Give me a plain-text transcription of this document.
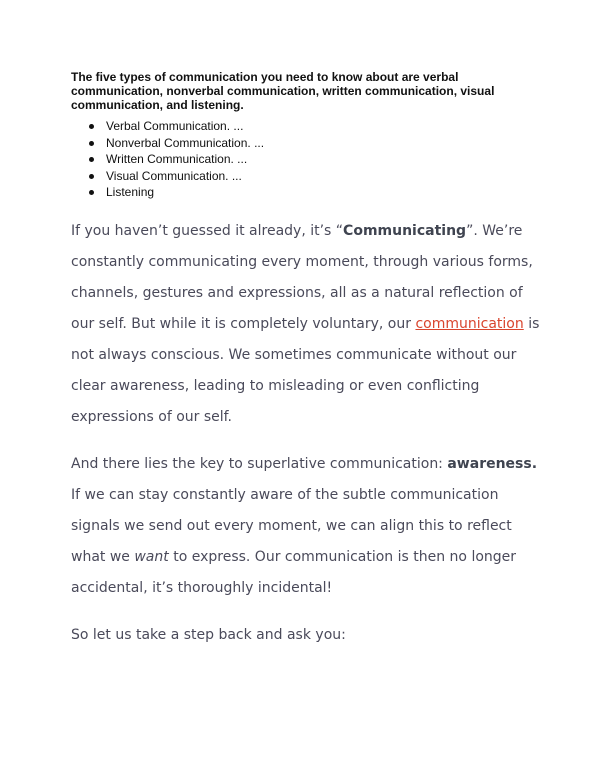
The five types of communication you need to know about are verbal communication, nonverbal communication, written communication, visual communication, and listening.

Verbal Communication. ...
Nonverbal Communication. ...
Written Communication. ...
Visual Communication. ...
Listening

If you haven’t guessed it already, it’s “Communicating”. We’re constantly communicating every moment, through various forms, channels, gestures and expressions, all as a natural reflection of our self. But while it is completely voluntary, our communication is not always conscious. We sometimes communicate without our clear awareness, leading to misleading or even conflicting expressions of our self.

And there lies the key to superlative communication: awareness. If we can stay constantly aware of the subtle communication signals we send out every moment, we can align this to reflect what we want to express. Our communication is then no longer accidental, it’s thoroughly incidental!

So let us take a step back and ask you:
